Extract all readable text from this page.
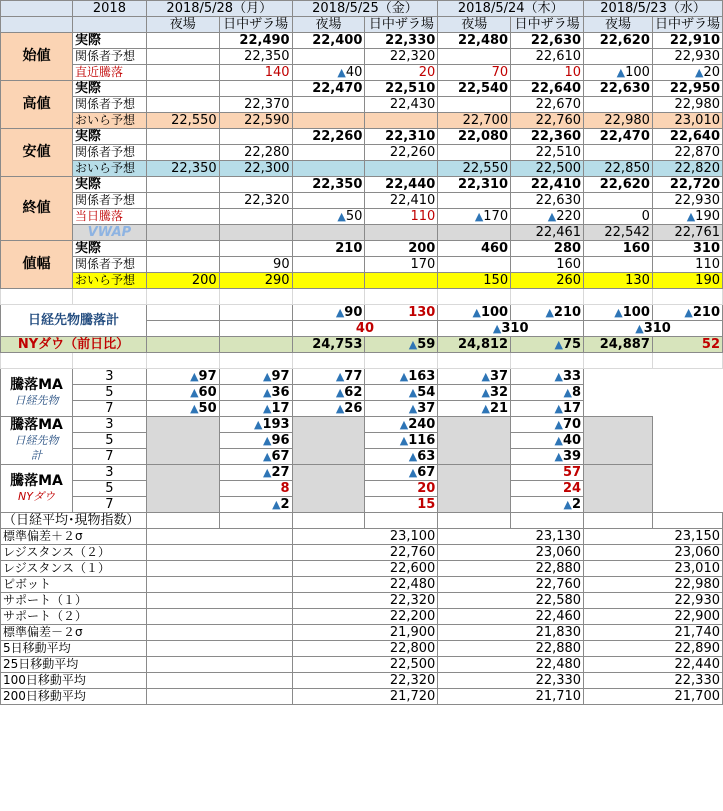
	2018	2018/5/28（月）		2018/5/25（金）		2018/5/24（木）		2018/5/23（水）	
		夜場	日中ザラ場	夜場	日中ザラ場	夜場	日中ザラ場	夜場	日中ザラ場
始値	実際		22,490	22,400	22,330	22,480	22,630	22,620	22,910
	関係者予想		22,350		22,320		22,610		22,930
	直近騰落		140	▲40	20	70	10	▲100	▲20
高値	実際			22,470	22,510	22,540	22,640	22,630	22,950
	関係者予想		22,370		22,430		22,670		22,980
	おいら予想	22,550	22,590			22,700	22,760	22,980	23,010
安値	実際			22,260	22,310	22,080	22,360	22,470	22,640
	関係者予想		22,280		22,260		22,510		22,870
	おいら予想	22,350	22,300			22,550	22,500	22,850	22,820
終値	実際			22,350	22,440	22,310	22,410	22,620	22,720
	関係者予想		22,320		22,410		22,630		22,930
	当日騰落			▲50	110	▲170	▲220	0	▲190
	VWAP						22,461	22,542	22,761
値幅	実際			210	200	460	280	160	310
	関係者予想		90		170		160		110
	おいら予想	200	290			150	260	130	190

日経先物騰落計				▲90	130	▲100	▲210	▲100	▲210
				40		▲310		▲310	
NYダウ（前日比）				24,753	▲59	24,812	▲75	24,887	52

騰落MA
日経先物	3	▲97	▲97	▲77	▲163	▲37	▲33		
	5	▲60	▲36	▲62	▲54	▲32	▲8		
	7	▲50	▲17	▲26	▲37	▲21	▲17		

騰落MA
日経先物
計	3		▲193		▲240		▲70		
	5		▲96		▲116		▲40		
	7		▲67		▲63		▲39		

騰落MA
NYダウ	3		▲27		▲67		57		
	5		8		20		24		
	7		▲2		15		▲2		
（日経平均･現物指数）									
標準偏差＋２σ				23,100		23,130		23,150	
レジスタンス（２）				22,760		23,060		23,060	
レジスタンス（１）				22,600		22,880		23,010	
ピボット				22,480		22,760		22,980	
サポート（１）				22,320		22,580		22,930	
サポート（２）				22,200		22,460		22,900	
標準偏差－２σ				21,900		21,830		21,740	
5日移動平均				22,800		22,880		22,890	
25日移動平均				22,500		22,480		22,440	
100日移動平均				22,320		22,330		22,330	
200日移動平均				21,720		21,710		21,700	
